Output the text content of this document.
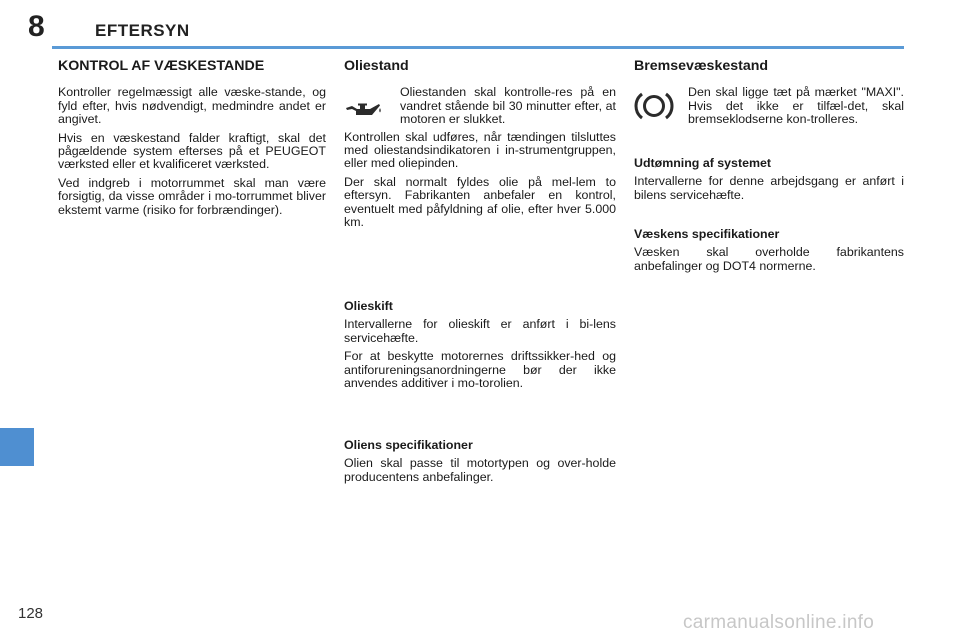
8	EFTERSYN
KONTROL AF VÆSKESTANDE

Kontroller regelmæssigt alle væske-stande, og fyld efter, hvis nødvendigt, medmindre andet er angivet.

Hvis en væskestand falder kraftigt, skal det pågældende system efterses på et PEUGEOT værksted eller et kvalificeret værksted.

Ved indgreb i motorrummet skal man være forsigtig, da visse områder i mo-torrummet bliver ekstemt varme (risiko for forbrændinger).

Oliestand
Oliestanden skal kontrolle-res på en vandret stående bil 30 minutter efter, at motoren er slukket.

Kontrollen skal udføres, når tændingen tilsluttes med oliestandsindikatoren i in-strumentgruppen, eller med oliepinden.

Der skal normalt fyldes olie på mel-lem to eftersyn. Fabrikanten anbefaler en kontrol, eventuelt med påfyldning af olie, efter hver 5.000 km.

Olieskift

Intervallerne for olieskift er anført i bi-lens servicehæfte.

For at beskytte motorernes driftssikker-hed og antiforureningsanordningerne bør der ikke anvendes additiver i mo-torolien.

Oliens specifikationer

Olien skal passe til motortypen og over-holde producentens anbefalinger.

Bremsevæskestand
Den skal ligge tæt på mærket "MAXI". Hvis det ikke er tilfæl-det, skal bremseklodserne kon-trolleres.
Udtømning af systemet

Intervallerne for denne arbejdsgang er anført i bilens servicehæfte.

Væskens specifikationer

Væsken skal overholde fabrikantens anbefalinger og DOT4 normerne.

128	carmanualsonline.info
